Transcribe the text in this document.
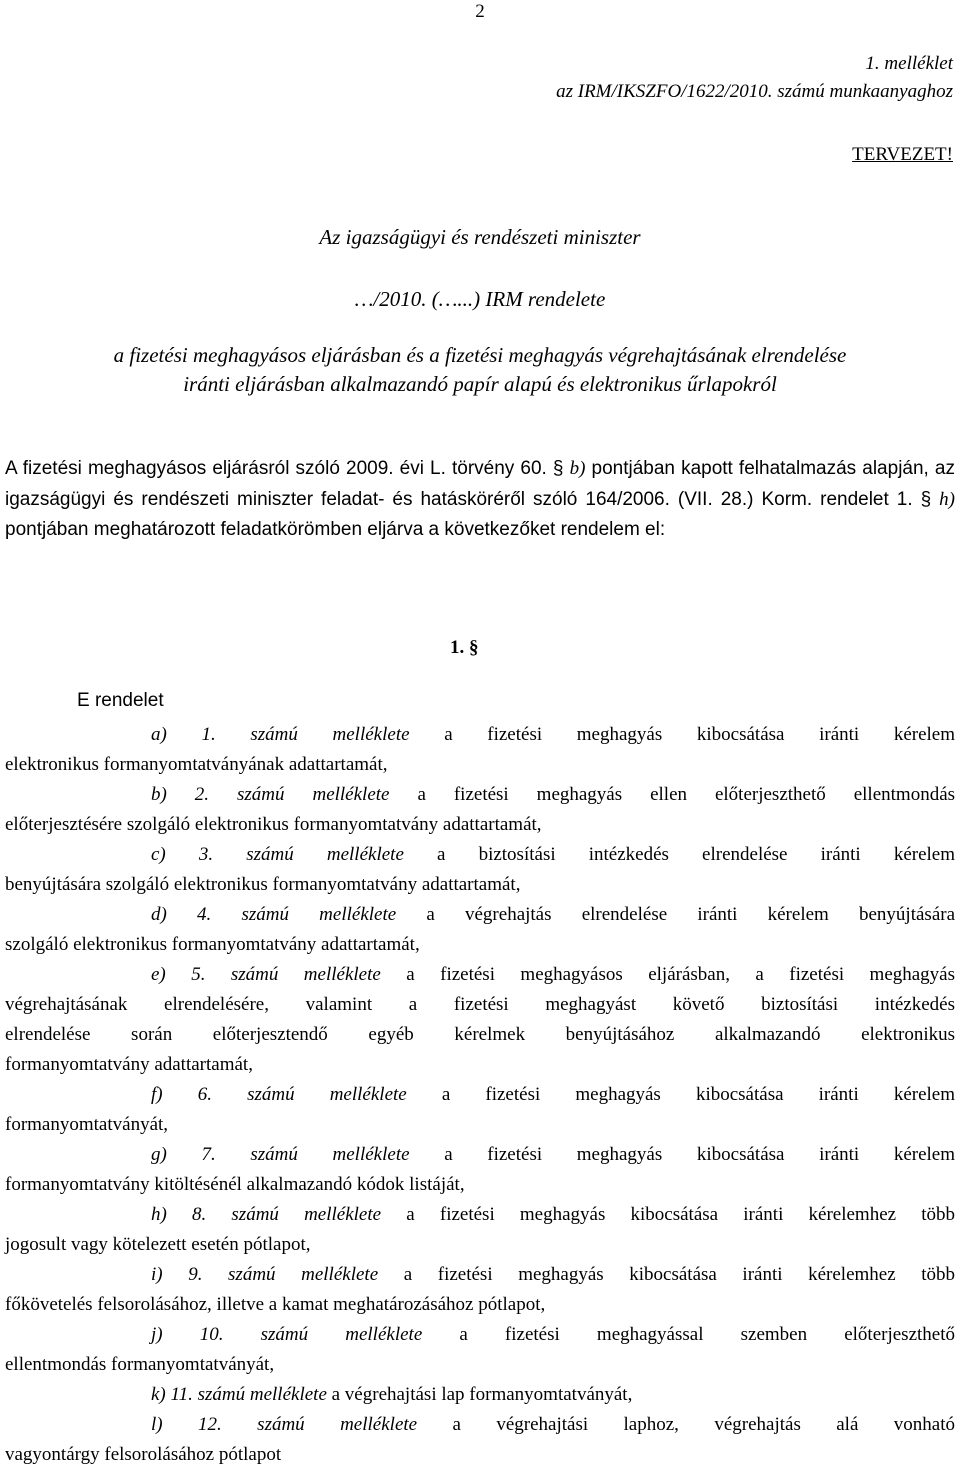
2
1. melléklet
az IRM/IKSZFO/1622/2010. számú munkaanyaghoz
TERVEZET!
Az igazságügyi és rendészeti miniszter
…/2010. (…...) IRM rendelete
a fizetési meghagyásos eljárásban és a fizetési meghagyás végrehajtásának elrendelése
iránti eljárásban alkalmazandó papír alapú és elektronikus űrlapokról
A fizetési meghagyásos eljárásról szóló 2009. évi L. törvény 60. § b) pontjában kapott felhatalmazás alapján, az igazságügyi és rendészeti miniszter feladat- és hatásköréről szóló 164/2006. (VII. 28.) Korm. rendelet 1. § h) pontjában meghatározott feladatkörömben eljárva a következőket rendelem el:
1. §
E rendelet
a) 1. számú melléklete a fizetési meghagyás kibocsátása iránti kérelem
elektronikus formanyomtatványának adattartamát,
b) 2. számú melléklete a fizetési meghagyás ellen előterjeszthető ellentmondás
előterjesztésére szolgáló elektronikus formanyomtatvány adattartamát,
c) 3. számú melléklete a biztosítási intézkedés elrendelése iránti kérelem
benyújtására szolgáló elektronikus formanyomtatvány adattartamát,
d) 4. számú melléklete a végrehajtás elrendelése iránti kérelem benyújtására
szolgáló elektronikus formanyomtatvány adattartamát,
e) 5. számú melléklete a fizetési meghagyásos eljárásban, a fizetési meghagyás
végrehajtásának elrendelésére, valamint a fizetési meghagyást követő biztosítási intézkedés
elrendelése során előterjesztendő egyéb kérelmek benyújtásához alkalmazandó elektronikus
formanyomtatvány adattartamát,
f) 6. számú melléklete a fizetési meghagyás kibocsátása iránti kérelem
formanyomtatványát,
g) 7. számú melléklete a fizetési meghagyás kibocsátása iránti kérelem
formanyomtatvány kitöltésénél alkalmazandó kódok listáját,
h) 8. számú melléklete a fizetési meghagyás kibocsátása iránti kérelemhez több
jogosult vagy kötelezett esetén pótlapot,
i) 9. számú melléklete a fizetési meghagyás kibocsátása iránti kérelemhez több
főkövetelés felsorolásához, illetve a kamat meghatározásához pótlapot,
j) 10. számú melléklete a fizetési meghagyással szemben előterjeszthető
ellentmondás formanyomtatványát,
k) 11. számú melléklete a végrehajtási lap formanyomtatványát,
l) 12. számú melléklete a végrehajtási laphoz, végrehajtás alá vonható
vagyontárgy felsorolásához pótlapot
